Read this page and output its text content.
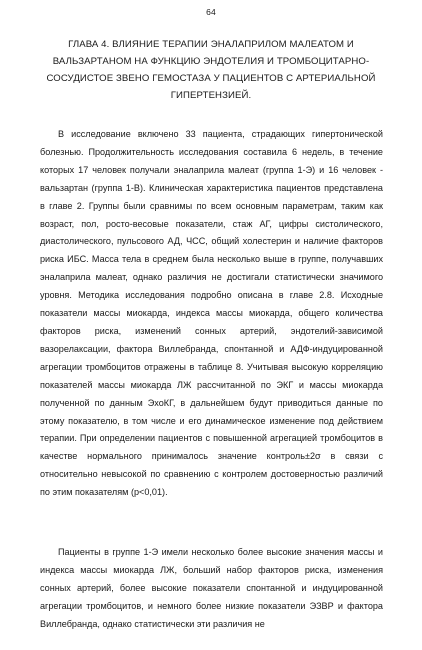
64
ГЛАВА 4. ВЛИЯНИЕ ТЕРАПИИ ЭНАЛАПРИЛОМ МАЛЕАТОМ И ВАЛЬЗАРТАНОМ НА ФУНКЦИЮ ЭНДОТЕЛИЯ И ТРОМБОЦИТАРНО-СОСУДИСТОЕ ЗВЕНО ГЕМОСТАЗА У ПАЦИЕНТОВ С АРТЕРИАЛЬНОЙ ГИПЕРТЕНЗИЕЙ.
В исследование включено 33 пациента, страдающих гипертонической болезнью. Продолжительность исследования составила 6 недель, в течение которых 17 человек получали эналаприла малеат (группа 1-Э) и 16 человек - вальзартан (группа 1-В). Клиническая характеристика пациентов представлена в главе 2. Группы были сравнимы по всем основным параметрам, таким как возраст, пол, росто-весовые показатели, стаж АГ, цифры систолического, диастолического, пульсового АД, ЧСС, общий холестерин и наличие факторов риска ИБС. Масса тела в среднем была несколько выше в группе, получавших эналаприла малеат, однако различия не достигали статистически значимого уровня. Методика исследования подробно описана в главе 2.8. Исходные показатели массы миокарда, индекса массы миокарда, общего количества факторов риска, изменений сонных артерий, эндотелий-зависимой вазорелаксации, фактора Виллебранда, спонтанной и АДФ-индуцированной агрегации тромбоцитов отражены в таблице 8. Учитывая высокую корреляцию показателей массы миокарда ЛЖ рассчитанной по ЭКГ и массы миокарда полученной по данным ЭхоКГ, в дальнейшем будут приводиться данные по этому показателю, в том числе и его динамическое изменение под действием терапии. При определении пациентов с повышенной агрегацией тромбоцитов в качестве нормального принималось значение контроль±2σ в связи с относительно невысокой по сравнению с контролем достоверностью различий по этим показателям (р<0,01).
Пациенты в группе 1-Э имели несколько более высокие значения массы и индекса массы миокарда ЛЖ, больший набор факторов риска, изменения сонных артерий, более высокие показатели спонтанной и индуцированной агрегации тромбоцитов, и немного более низкие показатели ЭЗВР и фактора Виллебранда, однако статистически эти различия не
